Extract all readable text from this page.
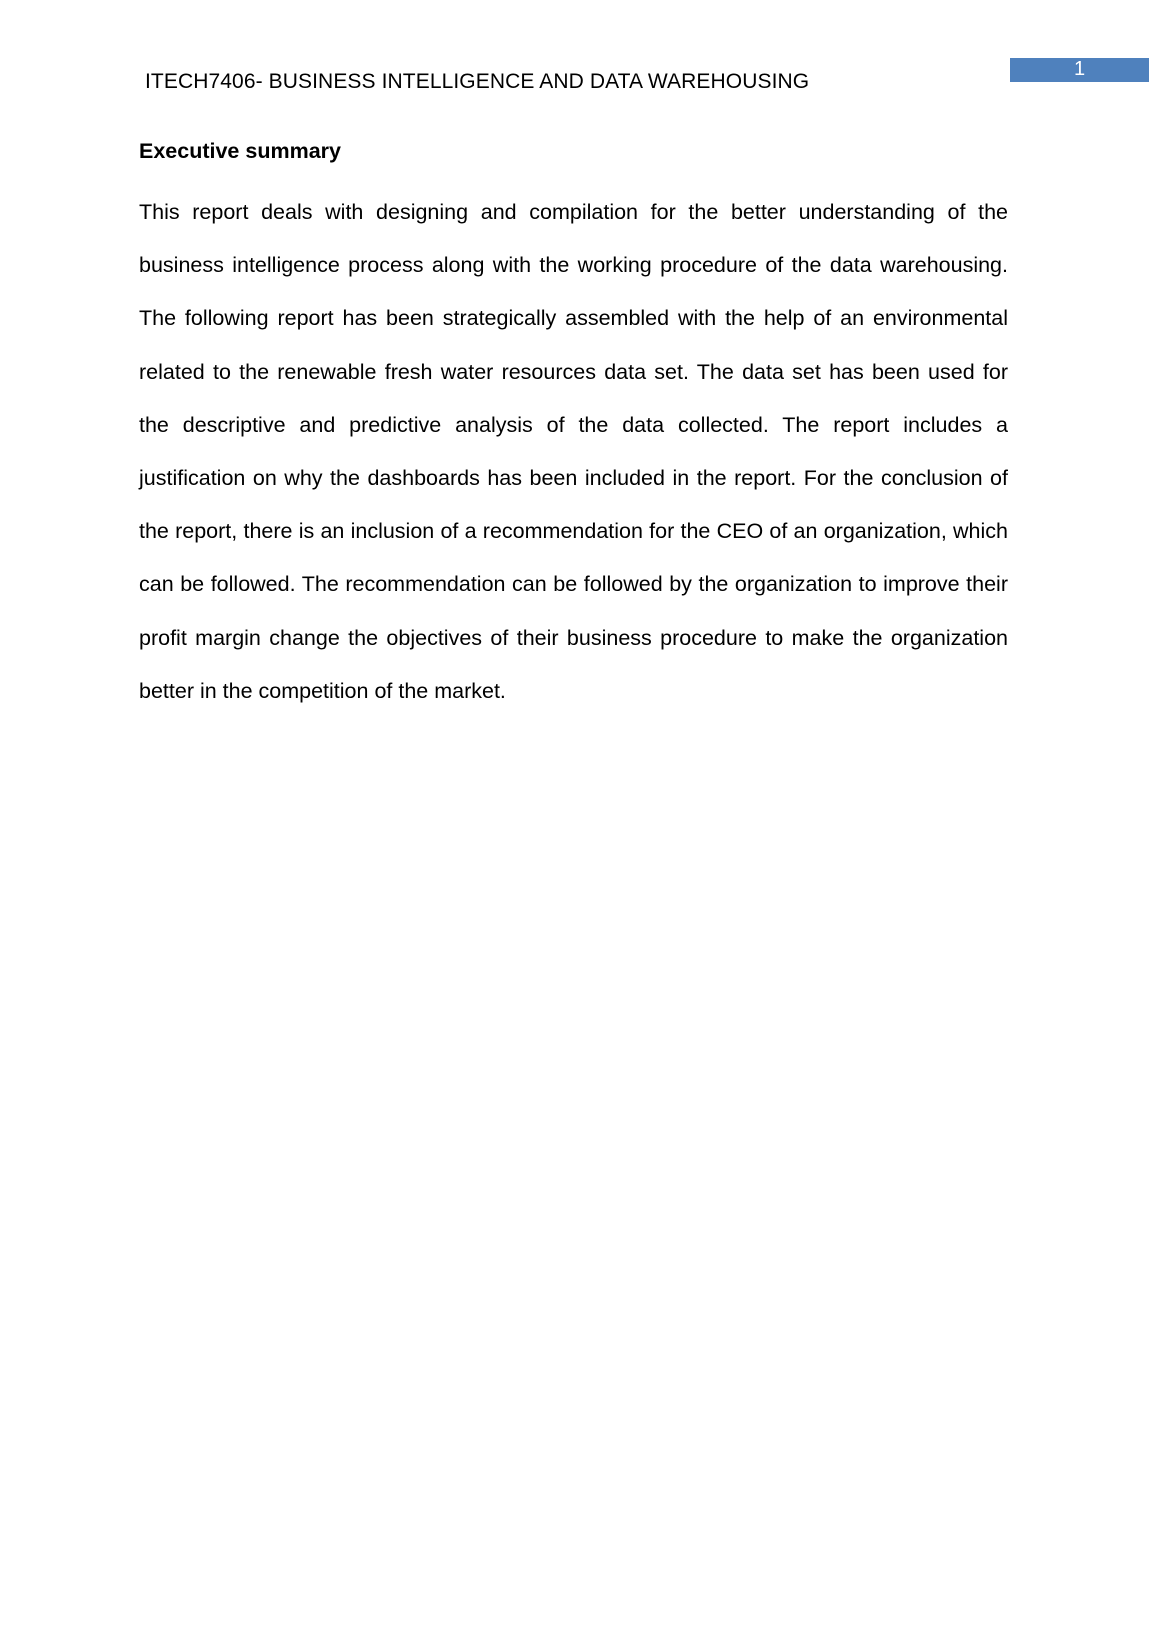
ITECH7406- BUSINESS INTELLIGENCE AND DATA WAREHOUSING
1
Executive summary

This report deals with designing and compilation for the better understanding of the business intelligence process along with the working procedure of the data warehousing. The following report has been strategically assembled with the help of an environmental related to the renewable fresh water resources data set. The data set has been used for the descriptive and predictive analysis of the data collected. The report includes a justification on why the dashboards has been included in the report. For the conclusion of the report, there is an inclusion of a recommendation for the CEO of an organization, which can be followed. The recommendation can be followed by the organization to improve their profit margin change the objectives of their business procedure to make the organization better in the competition of the market.
